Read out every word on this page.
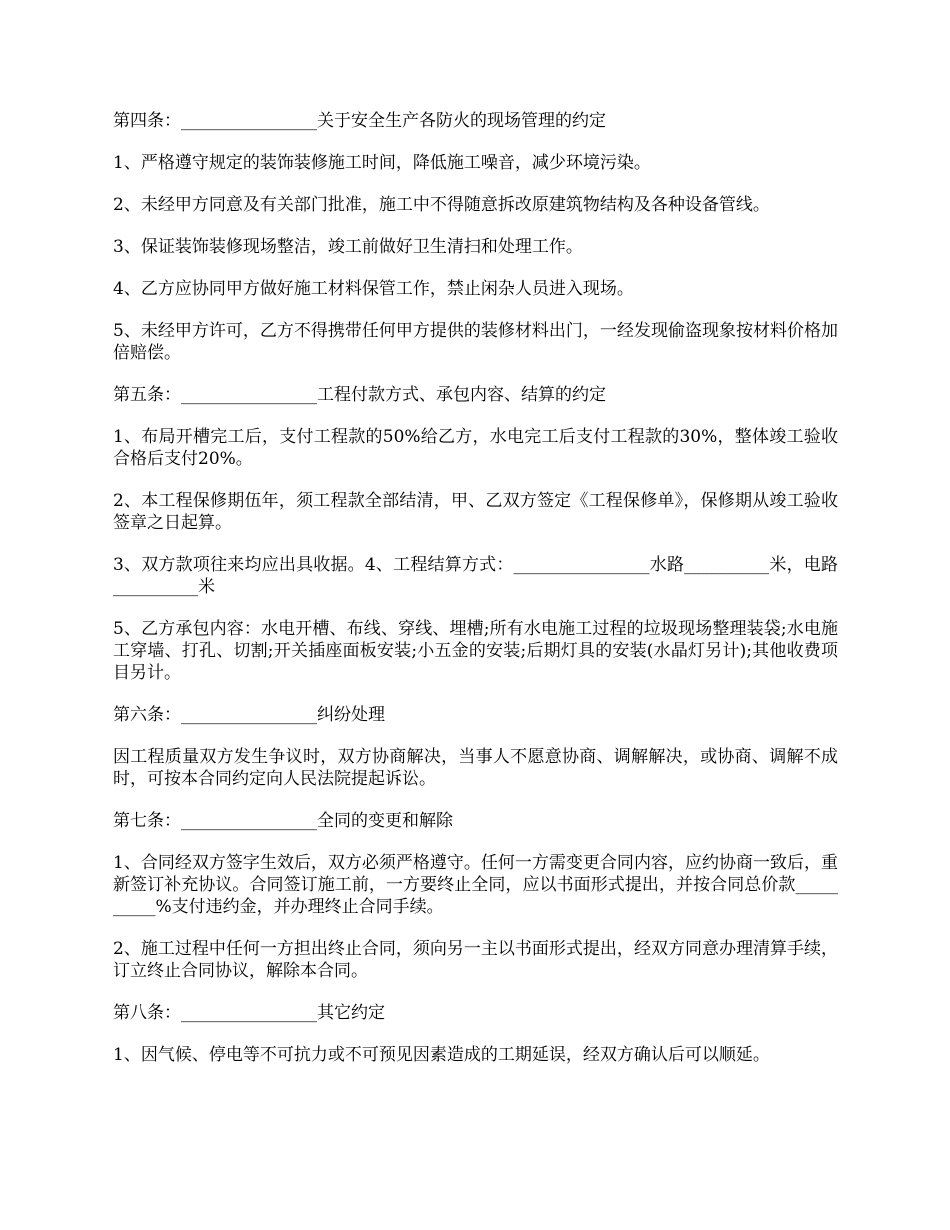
第四条：________________关于安全生产各防火的现场管理的约定

1、严格遵守规定的装饰装修施工时间，降低施工噪音，减少环境污染。

2、未经甲方同意及有关部门批准，施工中不得随意拆改原建筑物结构及各种设备管线。

3、保证装饰装修现场整洁，竣工前做好卫生清扫和处理工作。

4、乙方应协同甲方做好施工材料保管工作，禁止闲杂人员进入现场。

5、未经甲方许可，乙方不得携带任何甲方提供的装修材料出门，一经发现偷盗现象按材料价格加倍赔偿。

第五条：________________工程付款方式、承包内容、结算的约定

1、布局开槽完工后，支付工程款的50%给乙方，水电完工后支付工程款的30%，整体竣工验收合格后支付20%。

2、本工程保修期伍年，须工程款全部结清，甲、乙双方签定《工程保修单》，保修期从竣工验收签章之日起算。

3、双方款项往来均应出具收据。4、工程结算方式：________________水路__________米，电路__________米

5、乙方承包内容：水电开槽、布线、穿线、埋槽;所有水电施工过程的垃圾现场整理装袋;水电施工穿墙、打孔、切割;开关插座面板安装;小五金的安装;后期灯具的安装(水晶灯另计);其他收费项目另计。

第六条：________________纠纷处理

因工程质量双方发生争议时，双方协商解决，当事人不愿意协商、调解解决，或协商、调解不成时，可按本合同约定向人民法院提起诉讼。

第七条：________________全同的变更和解除

1、合同经双方签字生效后，双方必须严格遵守。任何一方需变更合同内容，应约协商一致后，重新签订补充协议。合同签订施工前，一方要终止全同，应以书面形式提出，并按合同总价款__________%支付违约金，并办理终止合同手续。

2、施工过程中任何一方担出终止合同，须向另一主以书面形式提出，经双方同意办理清算手续，订立终止合同协议，解除本合同。

第八条：________________其它约定

1、因气候、停电等不可抗力或不可预见因素造成的工期延误，经双方确认后可以顺延。
